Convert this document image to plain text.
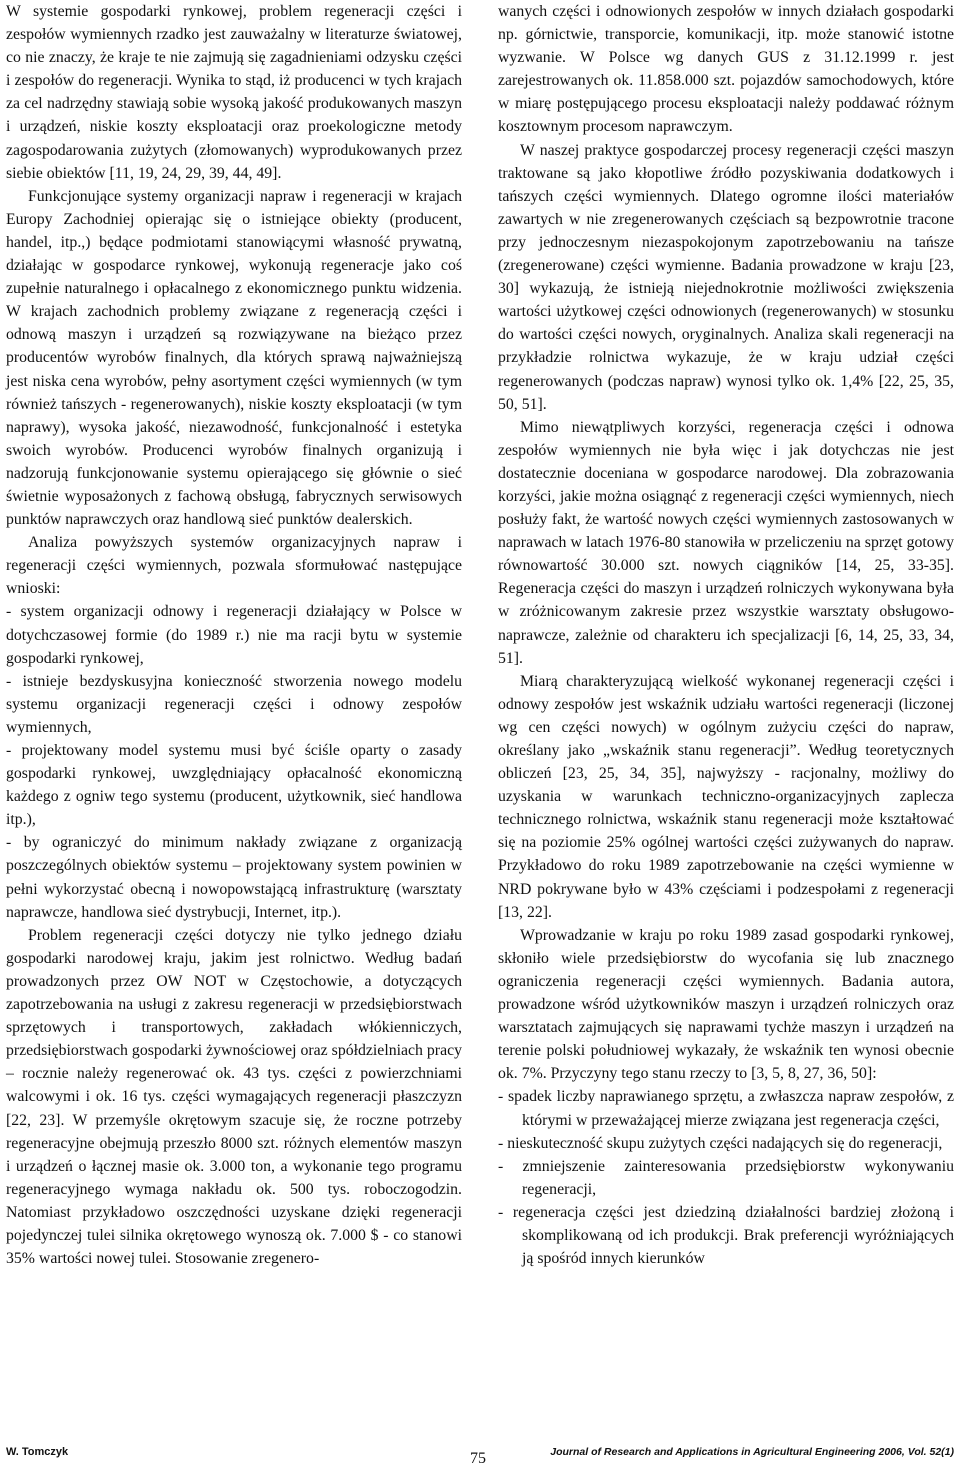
W systemie gospodarki rynkowej, problem regeneracji części i zespołów wymiennych rzadko jest zauważalny w literaturze światowej, co nie znaczy, że kraje te nie zajmują się zagadnieniami odzysku części i zespołów do regeneracji. Wynika to stąd, iż producenci w tych krajach za cel nadrzędny stawiają sobie wysoką jakość produkowanych maszyn i urządzeń, niskie koszty eksploatacji oraz proekologiczne metody zagospodarowania zużytych (złomowanych) wyprodukowanych przez siebie obiektów [11, 19, 24, 29, 39, 44, 49].

Funkcjonujące systemy organizacji napraw i regeneracji w krajach Europy Zachodniej opierając się o istniejące obiekty (producent, handel, itp.,) będące podmiotami stanowiącymi własność prywatną, działając w gospodarce rynkowej, wykonują regeneracje jako coś zupełnie naturalnego i opłacalnego z ekonomicznego punktu widzenia. W krajach zachodnich problemy związane z regeneracją części i odnową maszyn i urządzeń są rozwiązywane na bieżąco przez producentów wyrobów finalnych, dla których sprawą najważniejszą jest niska cena wyrobów, pełny asortyment części wymiennych (w tym również tańszych - regenerowanych), niskie koszty eksploatacji (w tym naprawy), wysoka jakość, niezawodność, funkcjonalność i estetyka swoich wyrobów. Producenci wyrobów finalnych organizują i nadzorują funkcjonowanie systemu opierającego się głównie o sieć świetnie wyposażonych z fachową obsługą, fabrycznych serwisowych punktów naprawczych oraz handlową sieć punktów dealerskich.

Analiza powyższych systemów organizacyjnych napraw i regeneracji części wymiennych, pozwala sformułować następujące wnioski:

- system organizacji odnowy i regeneracji działający w Polsce w dotychczasowej formie (do 1989 r.) nie ma racji bytu w systemie gospodarki rynkowej,

- istnieje bezdyskusyjna konieczność stworzenia nowego modelu systemu organizacji regeneracji części i odnowy zespołów wymiennych,

- projektowany model systemu musi być ściśle oparty o zasady gospodarki rynkowej, uwzględniający opłacalność ekonomiczną każdego z ogniw tego systemu (producent, użytkownik, sieć handlowa itp.),

- by ograniczyć do minimum nakłady związane z organizacją poszczególnych obiektów systemu – projektowany system powinien w pełni wykorzystać obecną i nowopowstającą infrastrukturę (warsztaty naprawcze, handlowa sieć dystrybucji, Internet, itp.).

Problem regeneracji części dotyczy nie tylko jednego działu gospodarki narodowej kraju, jakim jest rolnictwo. Według badań prowadzonych przez OW NOT w Częstochowie, a dotyczących zapotrzebowania na usługi z zakresu regeneracji w przedsiębiorstwach sprzętowych i transportowych, zakładach włókienniczych, przedsiębiorstwach gospodarki żywnościowej oraz spółdzielniach pracy – rocznie należy regenerować ok. 43 tys. części z powierzchniami walcowymi i ok. 16 tys. części wymagających regeneracji płaszczyzn [22, 23]. W przemyśle okrętowym szacuje się, że roczne potrzeby regeneracyjne obejmują przeszło 8000 szt. różnych elementów maszyn i urządzeń o łącznej masie ok. 3.000 ton, a wykonanie tego programu regeneracyjnego wymaga nakładu ok. 500 tys. roboczogodzin. Natomiast przykładowo oszczędności uzyskane dzięki regeneracji pojedynczej tulei silnika okrętowego wynoszą ok. 7.000 $ - co stanowi 35% wartości nowej tulei. Stosowanie zregenero-

wanych części i odnowionych zespołów w innych działach gospodarki np. górnictwie, transporcie, komunikacji, itp. może stanowić istotne wyzwanie. W Polsce wg danych GUS z 31.12.1999 r. jest zarejestrowanych ok. 11.858.000 szt. pojazdów samochodowych, które w miarę postępującego procesu eksploatacji należy poddawać różnym kosztownym procesom naprawczym.

W naszej praktyce gospodarczej procesy regeneracji części maszyn traktowane są jako kłopotliwe źródło pozyskiwania dodatkowych i tańszych części wymiennych. Dlatego ogromne ilości materiałów zawartych w nie zregenerowanych częściach są bezpowrotnie tracone przy jednoczesnym niezaspokojonym zapotrzebowaniu na tańsze (zregenerowane) części wymienne. Badania prowadzone w kraju [23, 30] wykazują, że istnieją niejednokrotnie możliwości zwiększenia wartości użytkowej części odnowionych (regenerowanych) w stosunku do wartości części nowych, oryginalnych. Analiza skali regeneracji na przykładzie rolnictwa wykazuje, że w kraju udział części regenerowanych (podczas napraw) wynosi tylko ok. 1,4% [22, 25, 35, 50, 51].

Mimo niewątpliwych korzyści, regeneracja części i odnowa zespołów wymiennych nie była więc i jak dotychczas nie jest dostatecznie doceniana w gospodarce narodowej. Dla zobrazowania korzyści, jakie można osiągnąć z regeneracji części wymiennych, niech posłuży fakt, że wartość nowych części wymiennych zastosowanych w naprawach w latach 1976-80 stanowiła w przeliczeniu na sprzęt gotowy równowartość 30.000 szt. nowych ciągników [14, 25, 33-35]. Regeneracja części do maszyn i urządzeń rolniczych wykonywana była w zróżnicowanym zakresie przez wszystkie warsztaty obsługowo-naprawcze, zależnie od charakteru ich specjalizacji [6, 14, 25, 33, 34, 51].

Miarą charakteryzującą wielkość wykonanej regeneracji części i odnowy zespołów jest wskaźnik udziału wartości regeneracji (liczonej wg cen części nowych) w ogólnym zużyciu części do napraw, określany jako „wskaźnik stanu regeneracji”. Według teoretycznych obliczeń [23, 25, 34, 35], najwyższy - racjonalny, możliwy do uzyskania w warunkach techniczno-organizacyjnych zaplecza technicznego rolnictwa, wskaźnik stanu regeneracji może kształtować się na poziomie 25% ogólnej wartości części zużywanych do napraw. Przykładowo do roku 1989 zapotrzebowanie na części wymienne w NRD pokrywane było w 43% częściami i podzespołami z regeneracji [13, 22].

Wprowadzanie w kraju po roku 1989 zasad gospodarki rynkowej, skłoniło wiele przedsiębiorstw do wycofania się lub znacznego ograniczenia regeneracji części wymiennych. Badania autora, prowadzone wśród użytkowników maszyn i urządzeń rolniczych oraz warsztatach zajmujących się naprawami tychże maszyn i urządzeń na terenie polski południowej wykazały, że wskaźnik ten wynosi obecnie ok. 7%. Przyczyny tego stanu rzeczy to [3, 5, 8, 27, 36, 50]:

- spadek liczby naprawianego sprzętu, a zwłaszcza napraw zespołów, z którymi w przeważającej mierze związana jest regeneracja części,

- nieskuteczność skupu zużytych części nadających się do regeneracji,

- zmniejszenie zainteresowania przedsiębiorstw wykonywaniu regeneracji,

- regeneracja części jest dziedziną działalności bardziej złożoną i skomplikowaną od ich produkcji. Brak preferencji wyróżniających ją spośród innych kierunków

W. Tomczyk	75	Journal of Research and Applications in Agricultural Engineering 2006, Vol. 52(1)
